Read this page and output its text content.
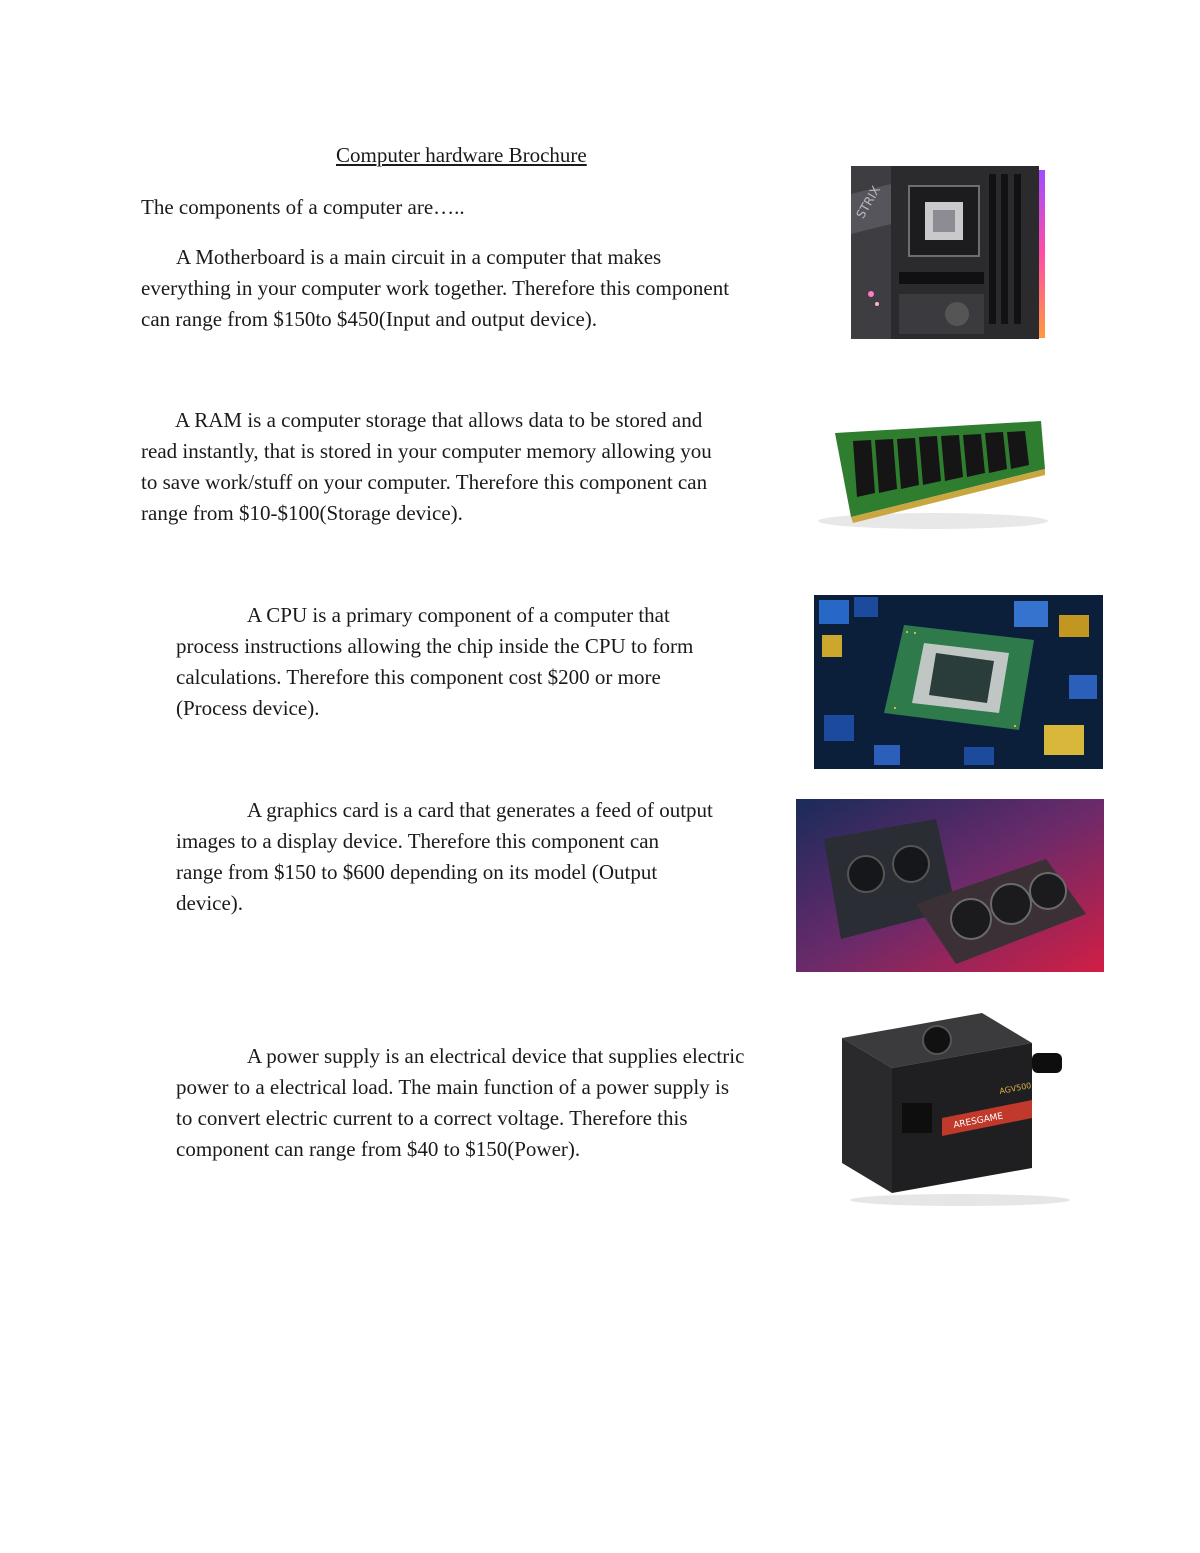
Computer hardware Brochure
The components of a computer are…..

A Motherboard is a main circuit in a computer that makes
everything in your computer work together. Therefore this component
can range from $150to $450(Input and output device).

A RAM is a computer storage that allows data to be stored and
read instantly, that is stored in your computer memory allowing you
to save work/stuff on your computer. Therefore this component can
range from $10-$100(Storage device).

A CPU is a primary component of a computer that
process instructions allowing the chip inside the CPU to form
calculations. Therefore this component cost $200 or more
(Process device).

A graphics card is a card that generates a feed of output
images to a display device. Therefore this component can
range from $150 to $600 depending on its model (Output
device).

A power supply is an electrical device that supplies electric
power to a electrical load. The main function of a power supply is
to convert electric current to a correct voltage. Therefore this
component can range from $40 to $150(Power).

STRIX
ARESGAME
AGV500
